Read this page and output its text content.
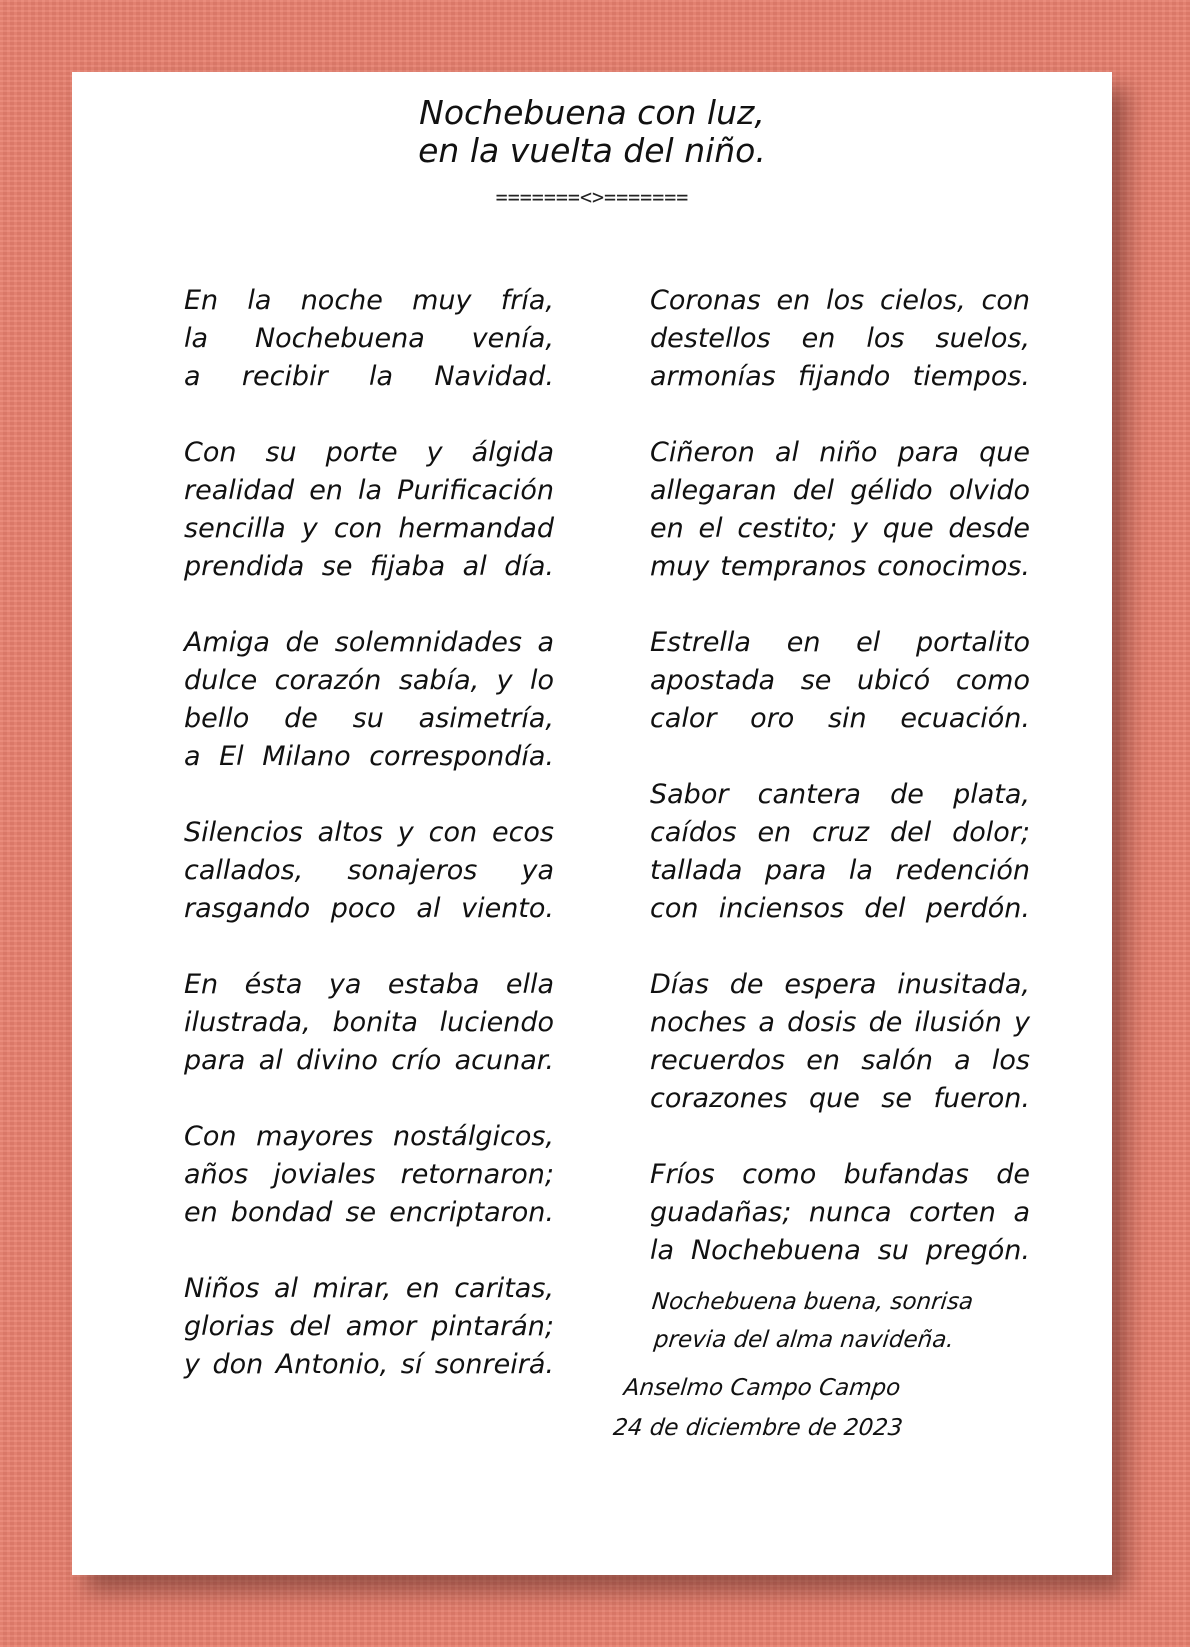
Nochebuena con luz,
en la vuelta del niño.
=======<>=======
En la noche muy fría,
la Nochebuena venía,
a recibir la Navidad.
Con su porte y álgida
realidad en la Purificación
sencilla y con hermandad
prendida se fijaba al día.
Amiga de solemnidades a
dulce corazón sabía, y lo
bello de su asimetría,
a El Milano correspondía.
Silencios altos y con ecos
callados, sonajeros ya
rasgando poco al viento.
En ésta ya estaba ella
ilustrada, bonita luciendo
para al divino crío acunar.
Con mayores nostálgicos,
años joviales retornaron;
en bondad se encriptaron.
Niños al mirar, en caritas,
glorias del amor pintarán;
y don Antonio, sí sonreirá.
Coronas en los cielos, con
destellos en los suelos,
armonías fijando tiempos.
Ciñeron al niño para que
allegaran del gélido olvido
en el cestito; y que desde
muy tempranos conocimos.
Estrella en el portalito
apostada se ubicó como
calor oro sin ecuación.
Sabor cantera de plata,
caídos en cruz del dolor;
tallada para la redención
con inciensos del perdón.
Días de espera inusitada,
noches a dosis de ilusión y
recuerdos en salón a los
corazones que se fueron.
Fríos como bufandas de
guadañas; nunca corten a
la Nochebuena su pregón.
Nochebuena buena, sonrisa
previa del alma navideña.
Anselmo Campo Campo
24 de diciembre de 2023
